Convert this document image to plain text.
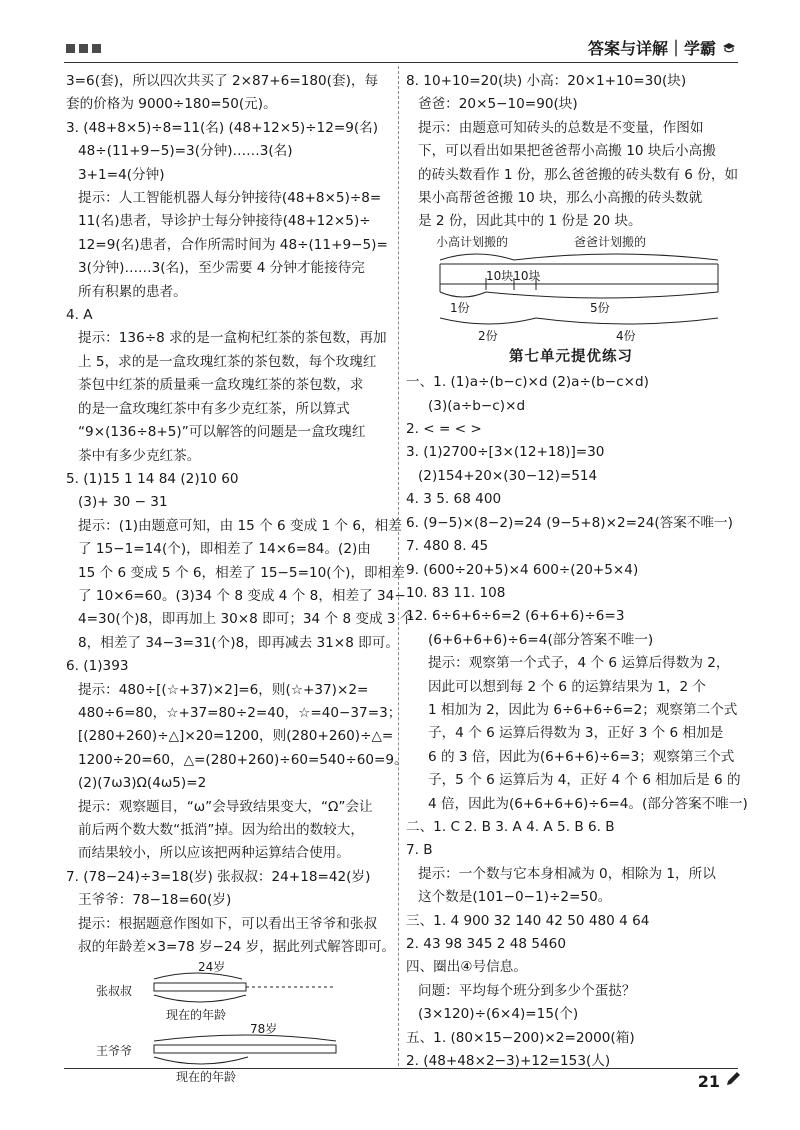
答案与详解｜学霸
3=6(套)，所以四次共买了 2×87+6=180(套)，每
套的价格为 9000÷180=50(元)。
3. (48+8×5)÷8=11(名) (48+12×5)÷12=9(名)
48÷(11+9−5)=3(分钟)……3(名)
3+1=4(分钟)
提示：人工智能机器人每分钟接待(48+8×5)÷8=
11(名)患者，导诊护士每分钟接待(48+12×5)÷
12=9(名)患者，合作所需时间为 48÷(11+9−5)=
3(分钟)……3(名)，至少需要 4 分钟才能接待完
所有积累的患者。
4. A
提示：136÷8 求的是一盒枸杞红茶的茶包数，再加
上 5，求的是一盒玫瑰红茶的茶包数，每个玫瑰红
茶包中红茶的质量乘一盒玫瑰红茶的茶包数，求
的是一盒玫瑰红茶中有多少克红茶，所以算式
“9×(136÷8+5)”可以解答的问题是一盒玫瑰红
茶中有多少克红茶。
5. (1)15 1 14 84 (2)10 60
(3)+ 30 − 31
提示：(1)由题意可知，由 15 个 6 变成 1 个 6，相差
了 15−1=14(个)，即相差了 14×6=84。(2)由
15 个 6 变成 5 个 6，相差了 15−5=10(个)，即相差
了 10×6=60。(3)34 个 8 变成 4 个 8，相差了 34−
4=30(个)8，即再加上 30×8 即可；34 个 8 变成 3 个
8，相差了 34−3=31(个)8，即再减去 31×8 即可。
6. (1)393
提示：480÷[(☆+37)×2]=6，则(☆+37)×2=
480÷6=80，☆+37=80÷2=40，☆=40−37=3；
[(280+260)÷△]×20=1200，则(280+260)÷△=
1200÷20=60，△=(280+260)÷60=540÷60=9。
(2)(7ω3)Ω(4ω5)=2
提示：观察题目，“ω”会导致结果变大，“Ω”会让
前后两个数大数“抵消”掉。因为给出的数较大，
而结果较小，所以应该把两种运算结合使用。
7. (78−24)÷3=18(岁) 张叔叔：24+18=42(岁)
王爷爷：78−18=60(岁)
提示：根据题意作图如下，可以看出王爷爷和张叔
叔的年龄差×3=78 岁−24 岁，据此列式解答即可。
24岁
张叔叔
现在的年龄
78岁
王爷爷
现在的年龄
8. 10+10=20(块) 小高：20×1+10=30(块)
爸爸：20×5−10=90(块)
提示：由题意可知砖头的总数是不变量，作图如
下，可以看出如果把爸爸帮小高搬 10 块后小高搬
的砖头数看作 1 份，那么爸爸搬的砖头数有 6 份，如
果小高帮爸爸搬 10 块，那么小高搬的砖头数就
是 2 份，因此其中的 1 份是 20 块。
小高计划搬的	爸爸计划搬的
10块10块
1份	5份
2份	4份
第七单元提优练习
一、1. (1)a÷(b−c)×d (2)a÷(b−c×d)
(3)(a÷b−c)×d
2. < = < >
3. (1)2700÷[3×(12+18)]=30
(2)154+20×(30−12)=514
4. 3 5. 68 400
6. (9−5)×(8−2)=24 (9−5+8)×2=24(答案不唯一)
7. 480 8. 45
9. (600÷20+5)×4 600÷(20+5×4)
10. 83 11. 108
12. 6÷6+6÷6=2 (6+6+6)÷6=3
(6+6+6+6)÷6=4(部分答案不唯一)
提示：观察第一个式子，4 个 6 运算后得数为 2，
因此可以想到每 2 个 6 的运算结果为 1，2 个
1 相加为 2，因此为 6÷6+6÷6=2；观察第二个式
子，4 个 6 运算后得数为 3，正好 3 个 6 相加是
6 的 3 倍，因此为(6+6+6)÷6=3；观察第三个式
子，5 个 6 运算后为 4，正好 4 个 6 相加后是 6 的
4 倍，因此为(6+6+6+6)÷6=4。(部分答案不唯一)
二、1. C 2. B 3. A 4. A 5. B 6. B
7. B
提示：一个数与它本身相减为 0，相除为 1，所以
这个数是(101−0−1)÷2=50。
三、1. 4 900 32 140 42 50 480 4 64
2. 43 98 345 2 48 5460
四、圈出④号信息。
问题：平均每个班分到多少个蛋挞？
(3×120)÷(6×4)=15(个)
五、1. (80×15−200)×2=2000(箱)
2. (48+48×2−3)+12=153(人)
21
